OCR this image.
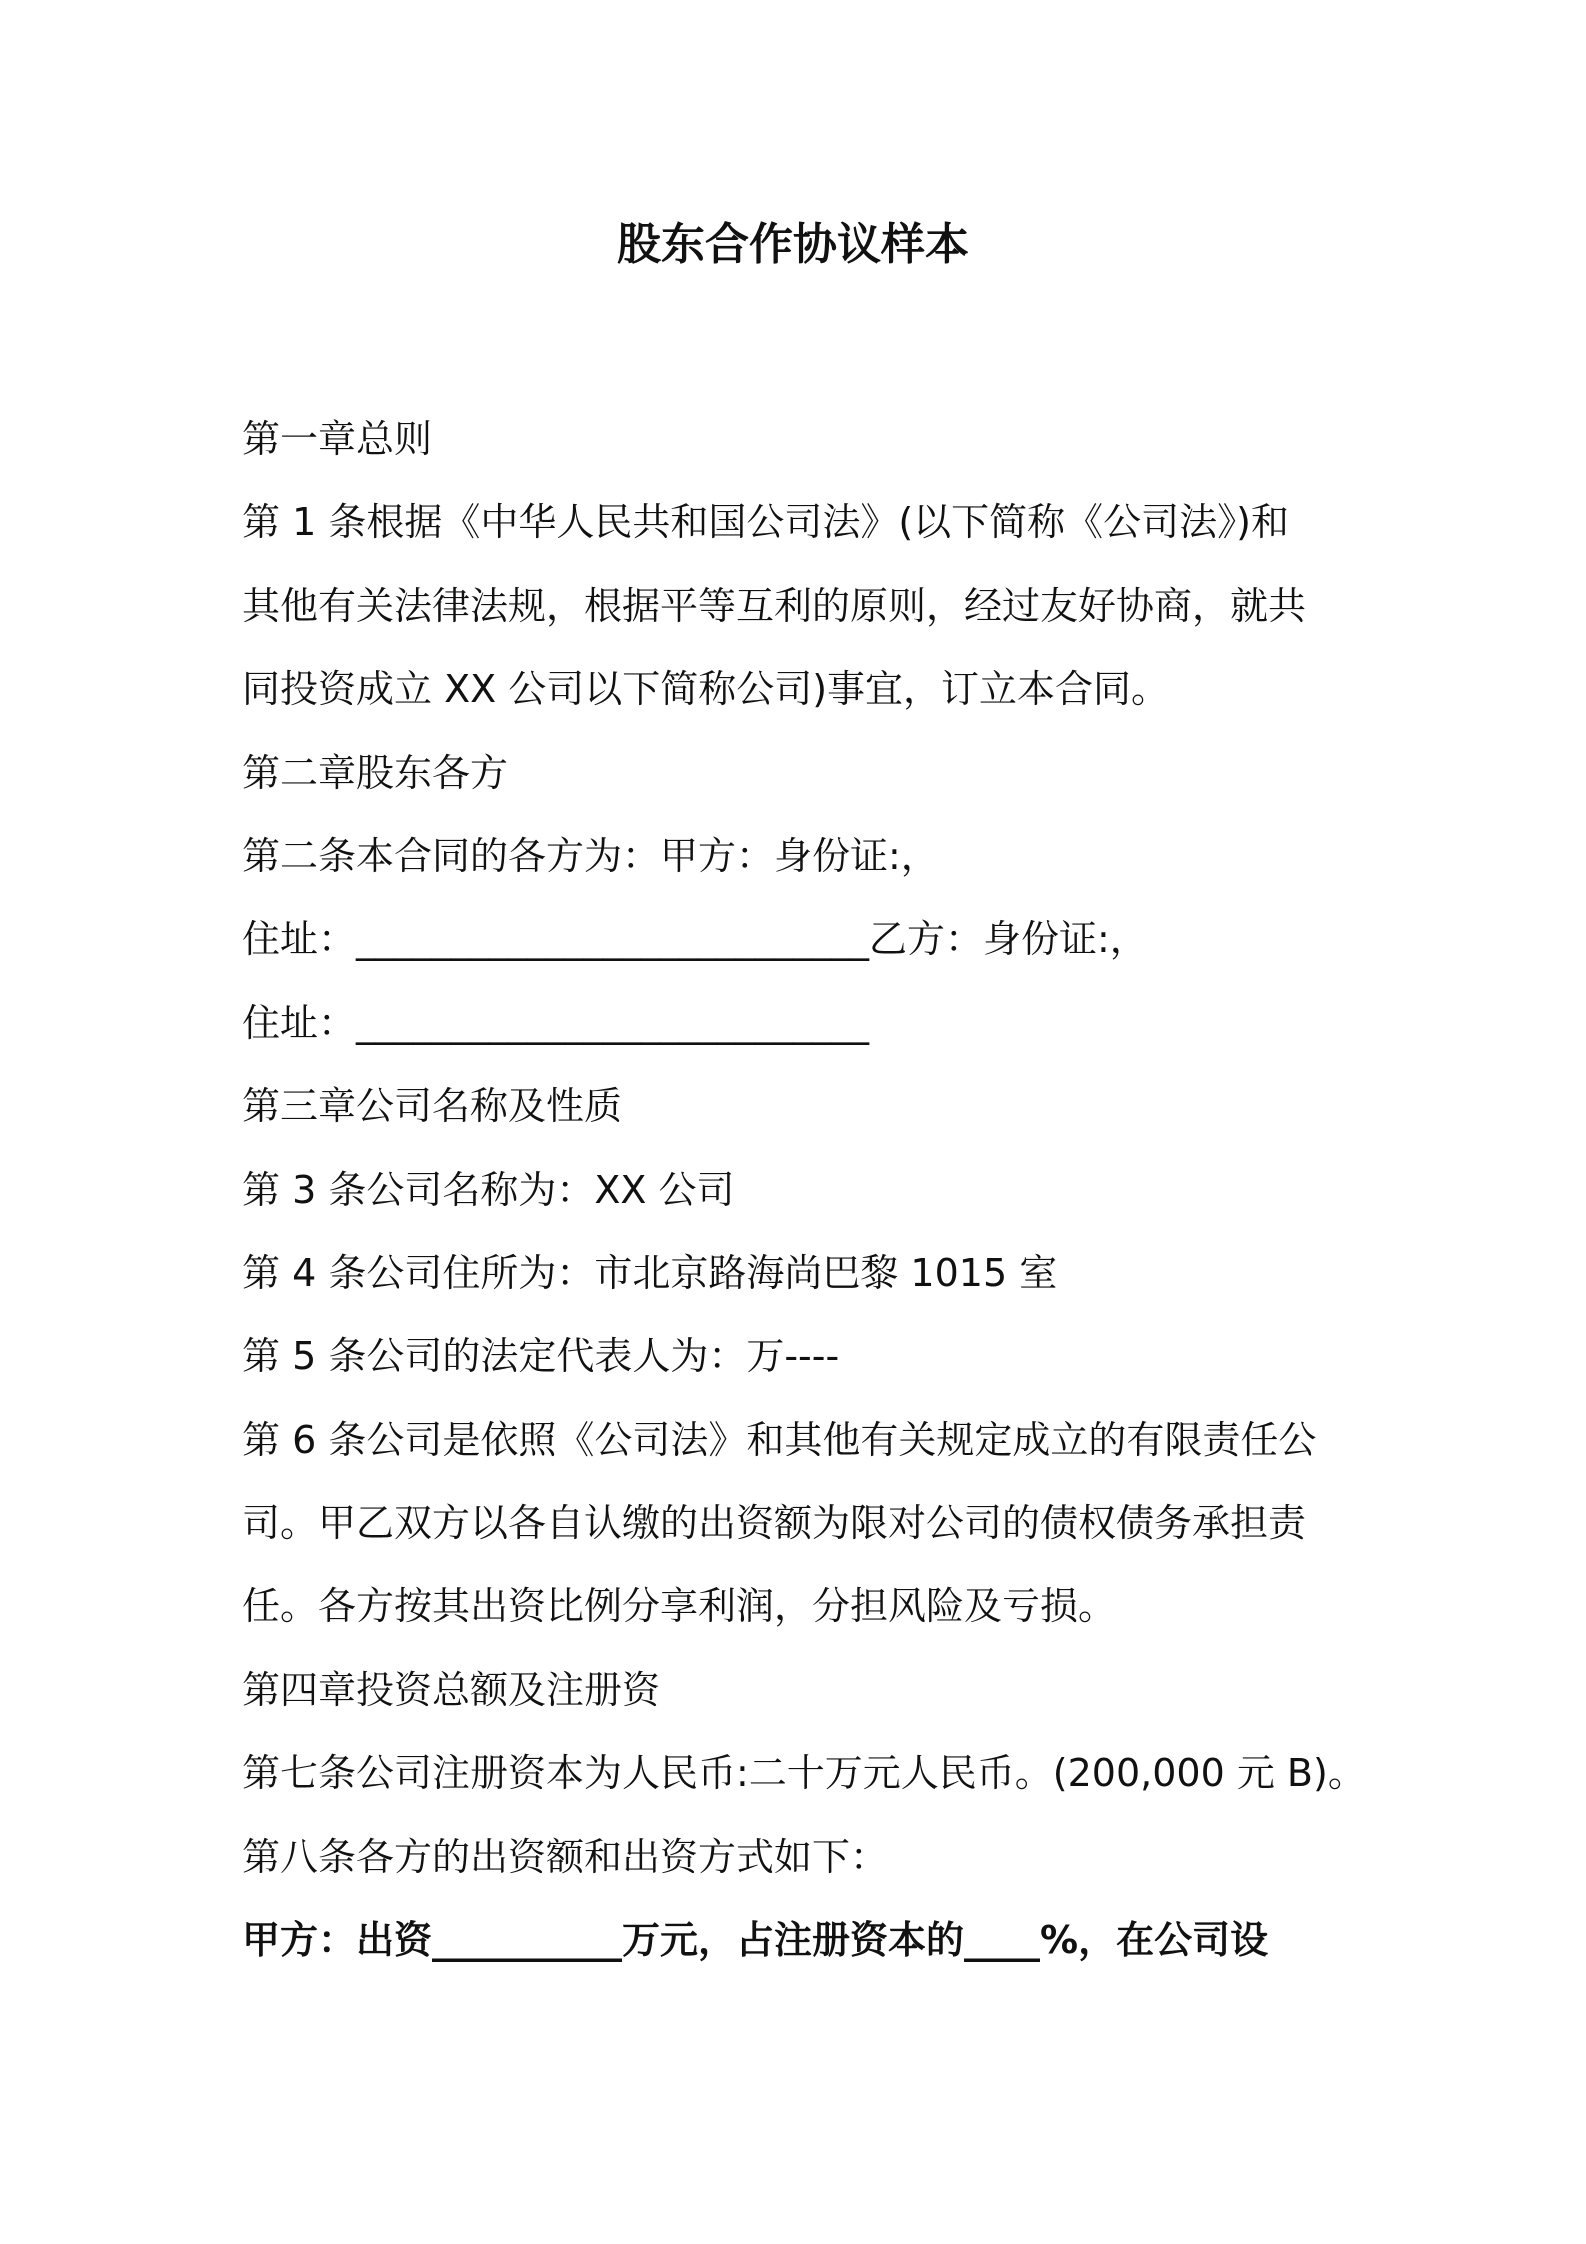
股东合作协议样本
第一章总则
第 1 条根据《中华人民共和国公司法》(以下简称《公司法》)和
其他有关法律法规，根据平等互利的原则，经过友好协商，就共
同投资成立 XX 公司以下简称公司)事宜，订立本合同。
第二章股东各方
第二条本合同的各方为：甲方：身份证:，
住址：___________________________乙方：身份证:，
住址：___________________________
第三章公司名称及性质
第 3 条公司名称为：XX 公司
第 4 条公司住所为：市北京路海尚巴黎 1015 室
第 5 条公司的法定代表人为：万----
第 6 条公司是依照《公司法》和其他有关规定成立的有限责任公
司。甲乙双方以各自认缴的出资额为限对公司的债权债务承担责
任。各方按其出资比例分享利润，分担风险及亏损。
第四章投资总额及注册资
第七条公司注册资本为人民币:二十万元人民币。(200,000 元 B)。
第八条各方的出资额和出资方式如下：
甲方：出资__________万元，占注册资本的____%，在公司设
